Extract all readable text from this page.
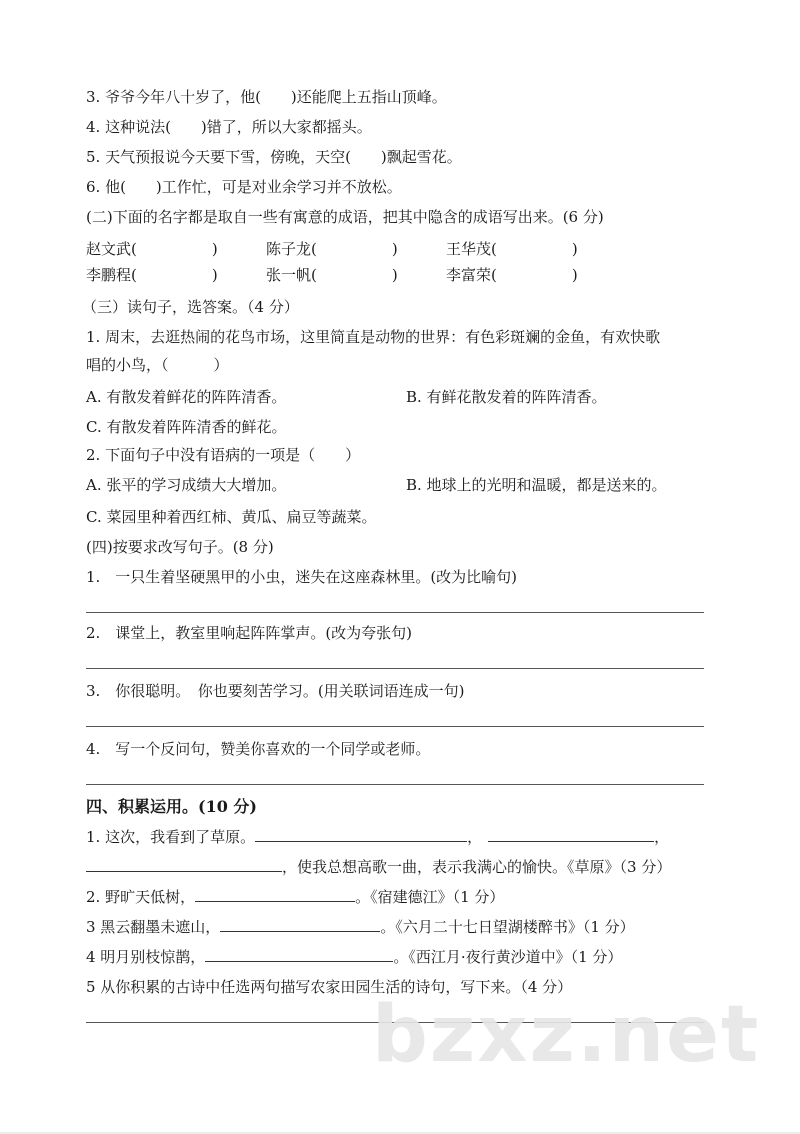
3. 爷爷今年八十岁了，他(　　)还能爬上五指山顶峰。
4. 这种说法(　　)错了，所以大家都摇头。
5. 天气预报说今天要下雪，傍晚，天空(　　)飘起雪花。
6. 他(　　)工作忙，可是对业余学习并不放松。
(二)下面的名字都是取自一些有寓意的成语，把其中隐含的成语写出来。(6 分)
赵文武(　　　　　)	陈子龙(　　　　　)	王华茂(　　　　　)
李鹏程(　　　　　)	张一帆(　　　　　)	李富荣(　　　　　)
（三）读句子，选答案。（4 分）
1. 周末，去逛热闹的花鸟市场，这里简直是动物的世界：有色彩斑斓的金鱼，有欢快歌
唱的小鸟，（　　　）
A. 有散发着鲜花的阵阵清香。	B. 有鲜花散发着的阵阵清香。
C. 有散发着阵阵清香的鲜花。
2. 下面句子中没有语病的一项是（　　）
A. 张平的学习成绩大大增加。	B. 地球上的光明和温暖，都是送来的。
C. 菜园里种着西红柿、黄瓜、扁豆等蔬菜。
(四)按要求改写句子。(8 分)
1.　一只生着坚硬黑甲的小虫，迷失在这座森林里。(改为比喻句)
2.　课堂上，教室里响起阵阵掌声。(改为夸张句)
3.　你很聪明。　你也要刻苦学习。(用关联词语连成一句)
4.　写一个反问句，赞美你喜欢的一个同学或老师。
四、积累运用。(10 分)
1. 这次，我看到了草原。	，	，
，使我总想高歌一曲，表示我满心的愉快。《草原》（3 分）
2. 野旷天低树，	。《宿建德江》（1 分）
3 黑云翻墨未遮山，	。《六月二十七日望湖楼醉书》（1 分）
4 明月别枝惊鹊，	。《西江月·夜行黄沙道中》（1 分）
5 从你积累的古诗中任选两句描写农家田园生活的诗句，写下来。（4 分）
bzxz.net
